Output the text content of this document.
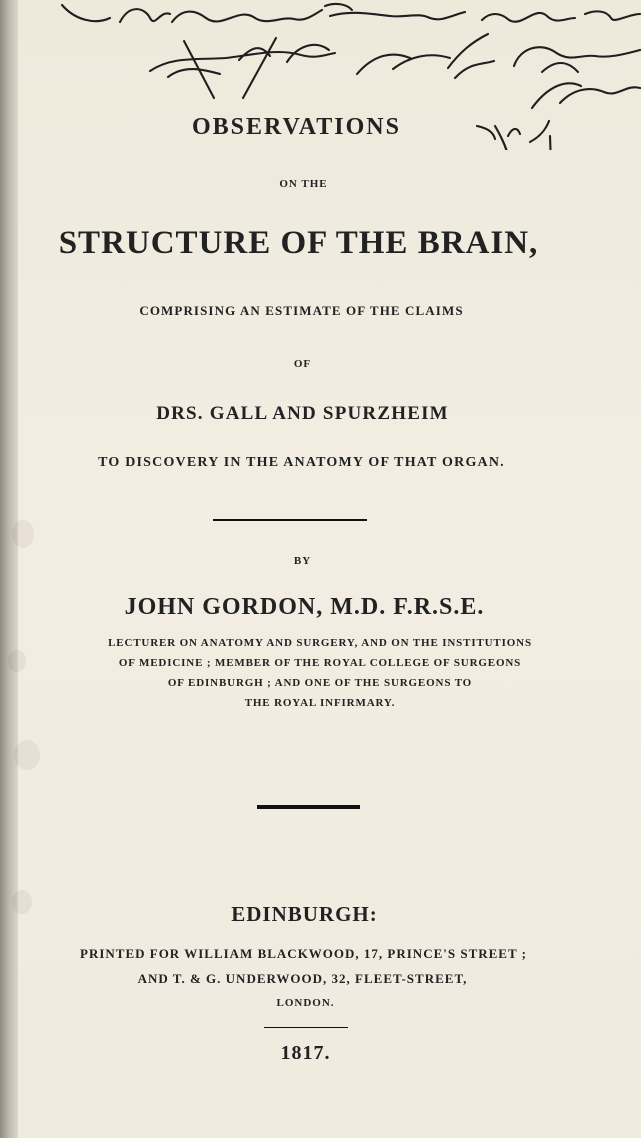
OBSERVATIONS
ON THE
STRUCTURE OF THE BRAIN,
COMPRISING AN ESTIMATE OF THE CLAIMS
OF
DRS. GALL AND SPURZHEIM
TO DISCOVERY IN THE ANATOMY OF THAT ORGAN.
BY
JOHN GORDON, M.D. F.R.S.E.
LECTURER ON ANATOMY AND SURGERY, AND ON THE INSTITUTIONS
OF MEDICINE ; MEMBER OF THE ROYAL COLLEGE OF SURGEONS
OF EDINBURGH ; AND ONE OF THE SURGEONS TO
THE ROYAL INFIRMARY.
EDINBURGH:
PRINTED FOR WILLIAM BLACKWOOD, 17, PRINCE'S STREET ;
AND T. & G. UNDERWOOD, 32, FLEET-STREET,
LONDON.
1817.
